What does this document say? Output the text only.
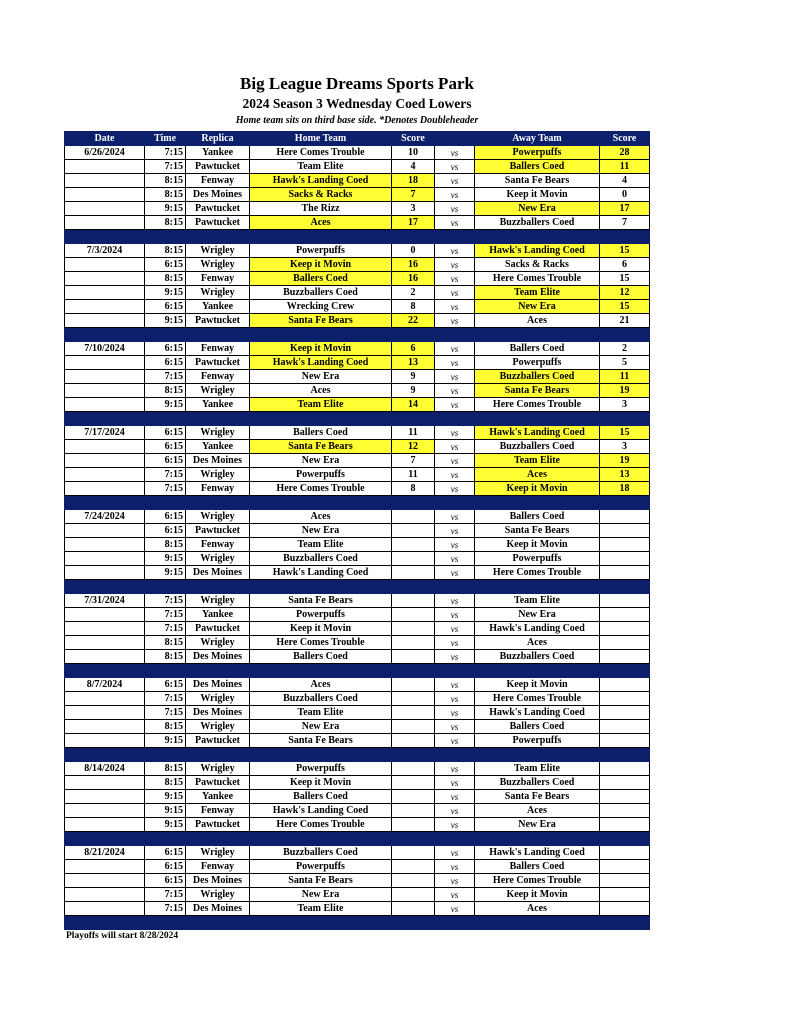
Big League Dreams Sports Park
2024 Season 3 Wednesday Coed Lowers
Home team sits on third base side. *Denotes Doubleheader
Date	Time	Replica	Home Team	Score		Away Team	Score
6/26/2024	7:15	Yankee	Here Comes Trouble	10	vs	Powerpuffs	28
	7:15	Pawtucket	Team Elite	4	vs	Ballers Coed	11
	8:15	Fenway	Hawk's Landing Coed	18	vs	Santa Fe Bears	4
	8:15	Des Moines	Sacks & Racks	7	vs	Keep it Movin	0
	9:15	Pawtucket	The Rizz	3	vs	New Era	17
	8:15	Pawtucket	Aces	17	vs	Buzzballers Coed	7

7/3/2024	8:15	Wrigley	Powerpuffs	0	vs	Hawk's Landing Coed	15
	6:15	Wrigley	Keep it Movin	16	vs	Sacks & Racks	6
	8:15	Fenway	Ballers Coed	16	vs	Here Comes Trouble	15
	9:15	Wrigley	Buzzballers Coed	2	vs	Team Elite	12
	6:15	Yankee	Wrecking Crew	8	vs	New Era	15
	9:15	Pawtucket	Santa Fe Bears	22	vs	Aces	21

7/10/2024	6:15	Fenway	Keep it Movin	6	vs	Ballers Coed	2
	6:15	Pawtucket	Hawk's Landing Coed	13	vs	Powerpuffs	5
	7:15	Fenway	New Era	9	vs	Buzzballers Coed	11
	8:15	Wrigley	Aces	9	vs	Santa Fe Bears	19
	9:15	Yankee	Team Elite	14	vs	Here Comes Trouble	3

7/17/2024	6:15	Wrigley	Ballers Coed	11	vs	Hawk's Landing Coed	15
	6:15	Yankee	Santa Fe Bears	12	vs	Buzzballers Coed	3
	6:15	Des Moines	New Era	7	vs	Team Elite	19
	7:15	Wrigley	Powerpuffs	11	vs	Aces	13
	7:15	Fenway	Here Comes Trouble	8	vs	Keep it Movin	18

7/24/2024	6:15	Wrigley	Aces		vs	Ballers Coed	
	6:15	Pawtucket	New Era		vs	Santa Fe Bears	
	8:15	Fenway	Team Elite		vs	Keep it Movin	
	9:15	Wrigley	Buzzballers Coed		vs	Powerpuffs	
	9:15	Des Moines	Hawk's Landing Coed		vs	Here Comes Trouble	

7/31/2024	7:15	Wrigley	Santa Fe Bears		vs	Team Elite	
	7:15	Yankee	Powerpuffs		vs	New Era	
	7:15	Pawtucket	Keep it Movin		vs	Hawk's Landing Coed	
	8:15	Wrigley	Here Comes Trouble		vs	Aces	
	8:15	Des Moines	Ballers Coed		vs	Buzzballers Coed	

8/7/2024	6:15	Des Moines	Aces		vs	Keep it Movin	
	7:15	Wrigley	Buzzballers Coed		vs	Here Comes Trouble	
	7:15	Des Moines	Team Elite		vs	Hawk's Landing Coed	
	8:15	Wrigley	New Era		vs	Ballers Coed	
	9:15	Pawtucket	Santa Fe Bears		vs	Powerpuffs	

8/14/2024	8:15	Wrigley	Powerpuffs		vs	Team Elite	
	8:15	Pawtucket	Keep it Movin		vs	Buzzballers Coed	
	9:15	Yankee	Ballers Coed		vs	Santa Fe Bears	
	9:15	Fenway	Hawk's Landing Coed		vs	Aces	
	9:15	Pawtucket	Here Comes Trouble		vs	New Era	

8/21/2024	6:15	Wrigley	Buzzballers Coed		vs	Hawk's Landing Coed	
	6:15	Fenway	Powerpuffs		vs	Ballers Coed	
	6:15	Des Moines	Santa Fe Bears		vs	Here Comes Trouble	
	7:15	Wrigley	New Era		vs	Keep it Movin	
	7:15	Des Moines	Team Elite		vs	Aces	

Playoffs will start 8/28/2024
